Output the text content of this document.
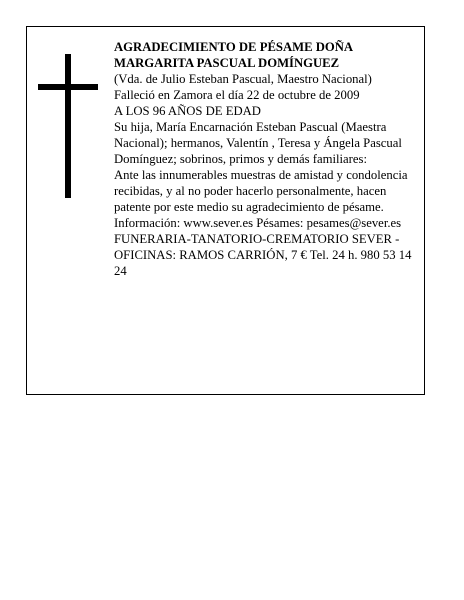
AGRADECIMIENTO DE PÉSAME DOÑA

MARGARITA PASCUAL DOMÍNGUEZ

(Vda. de Julio Esteban Pascual, Maestro Nacional)

Falleció en Zamora el día 22 de octubre de 2009

A LOS 96 AÑOS DE EDAD

Su hija, María Encarnación Esteban Pascual (Maestra Nacional); hermanos, Valentín , Teresa y Ángela Pascual Domínguez; sobrinos, primos y demás familiares:

Ante las innumerables muestras de amistad y condolencia recibidas, y al no poder hacerlo personalmente, hacen patente por este medio su agradecimiento de pésame.

Información: www.sever.es Pésames: pesames@sever.es

FUNERARIA-TANATORIO-CREMATORIO SEVER - OFICINAS: RAMOS CARRIÓN, 7 € Tel. 24 h. 980 53 14 24
